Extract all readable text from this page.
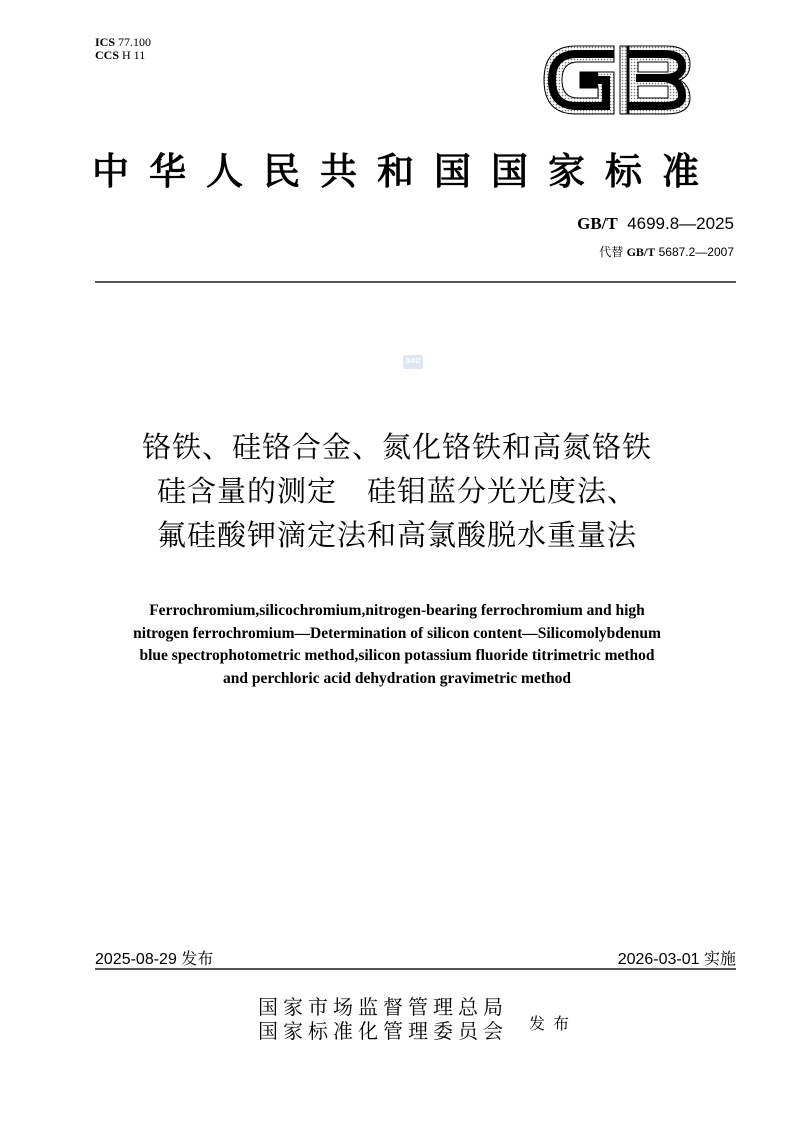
ICS 77.100
CCS H 11
中华人民共和国国家标准
GB/T 4699.8—2025
代替 GB/T 5687.2—2007
SAC
铬铁、硅铬合金、氮化铬铁和高氮铬铁
硅含量的测定　硅钼蓝分光光度法、
氟硅酸钾滴定法和高氯酸脱水重量法
Ferrochromium,silicochromium,nitrogen-bearing ferrochromium and high
nitrogen ferrochromium—Determination of silicon content—Silicomolybdenum
blue spectrophotometric method,silicon potassium fluoride titrimetric method
and perchloric acid dehydration gravimetric method
2025-08-29 发布	2026-03-01 实施
国家市场监督管理总局
国家标准化管理委员会 发布
